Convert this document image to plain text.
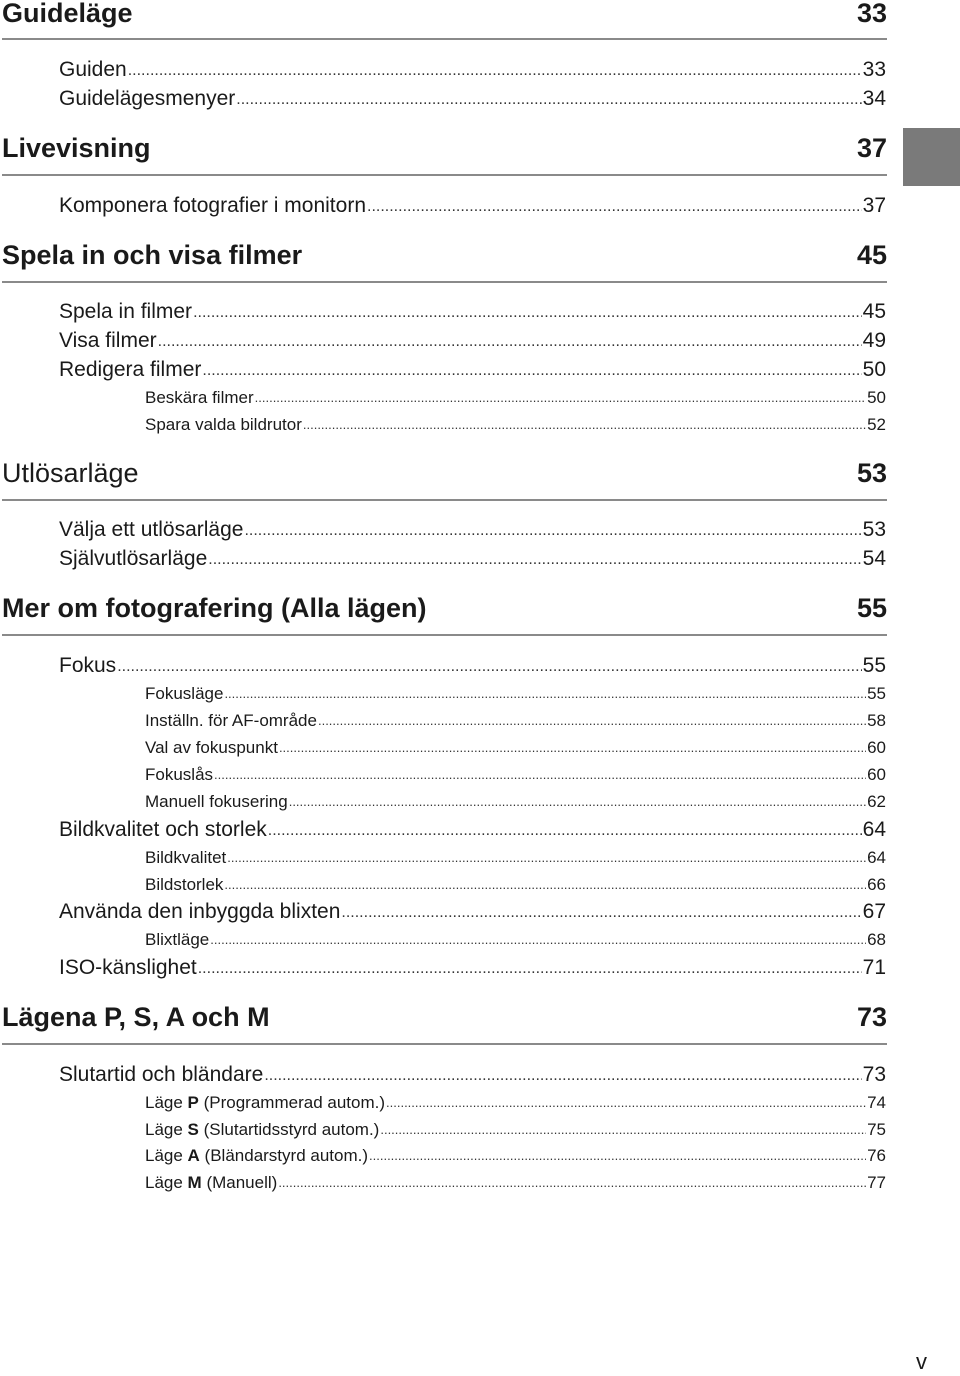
Guideläge	33
Guiden .....	33
Guidelägesmenyer .....	34
Livevisning	37
Komponera fotografier i monitorn .....	37
Spela in och visa filmer	45
Spela in filmer .....	45
Visa filmer .....	49
Redigera filmer .....	50
Beskära filmer .....	50
Spara valda bildrutor .....	52
Utlösarläge	53
Välja ett utlösarläge .....	53
Självutlösarläge .....	54
Mer om fotografering (Alla lägen)	55
Fokus .....	55
Fokusläge .....	55
Inställn. för AF-område .....	58
Val av fokuspunkt .....	60
Fokuslås .....	60
Manuell fokusering .....	62
Bildkvalitet och storlek .....	64
Bildkvalitet .....	64
Bildstorlek .....	66
Använda den inbyggda blixten .....	67
Blixtläge .....	68
ISO-känslighet .....	71
Lägena P, S, A och M	73
Slutartid och bländare .....	73
Läge P (Programmerad autom.) .....	74
Läge S (Slutartidsstyrd autom.) .....	75
Läge A (Bländarstyrd autom.) .....	76
Läge M (Manuell) .....	77
v
